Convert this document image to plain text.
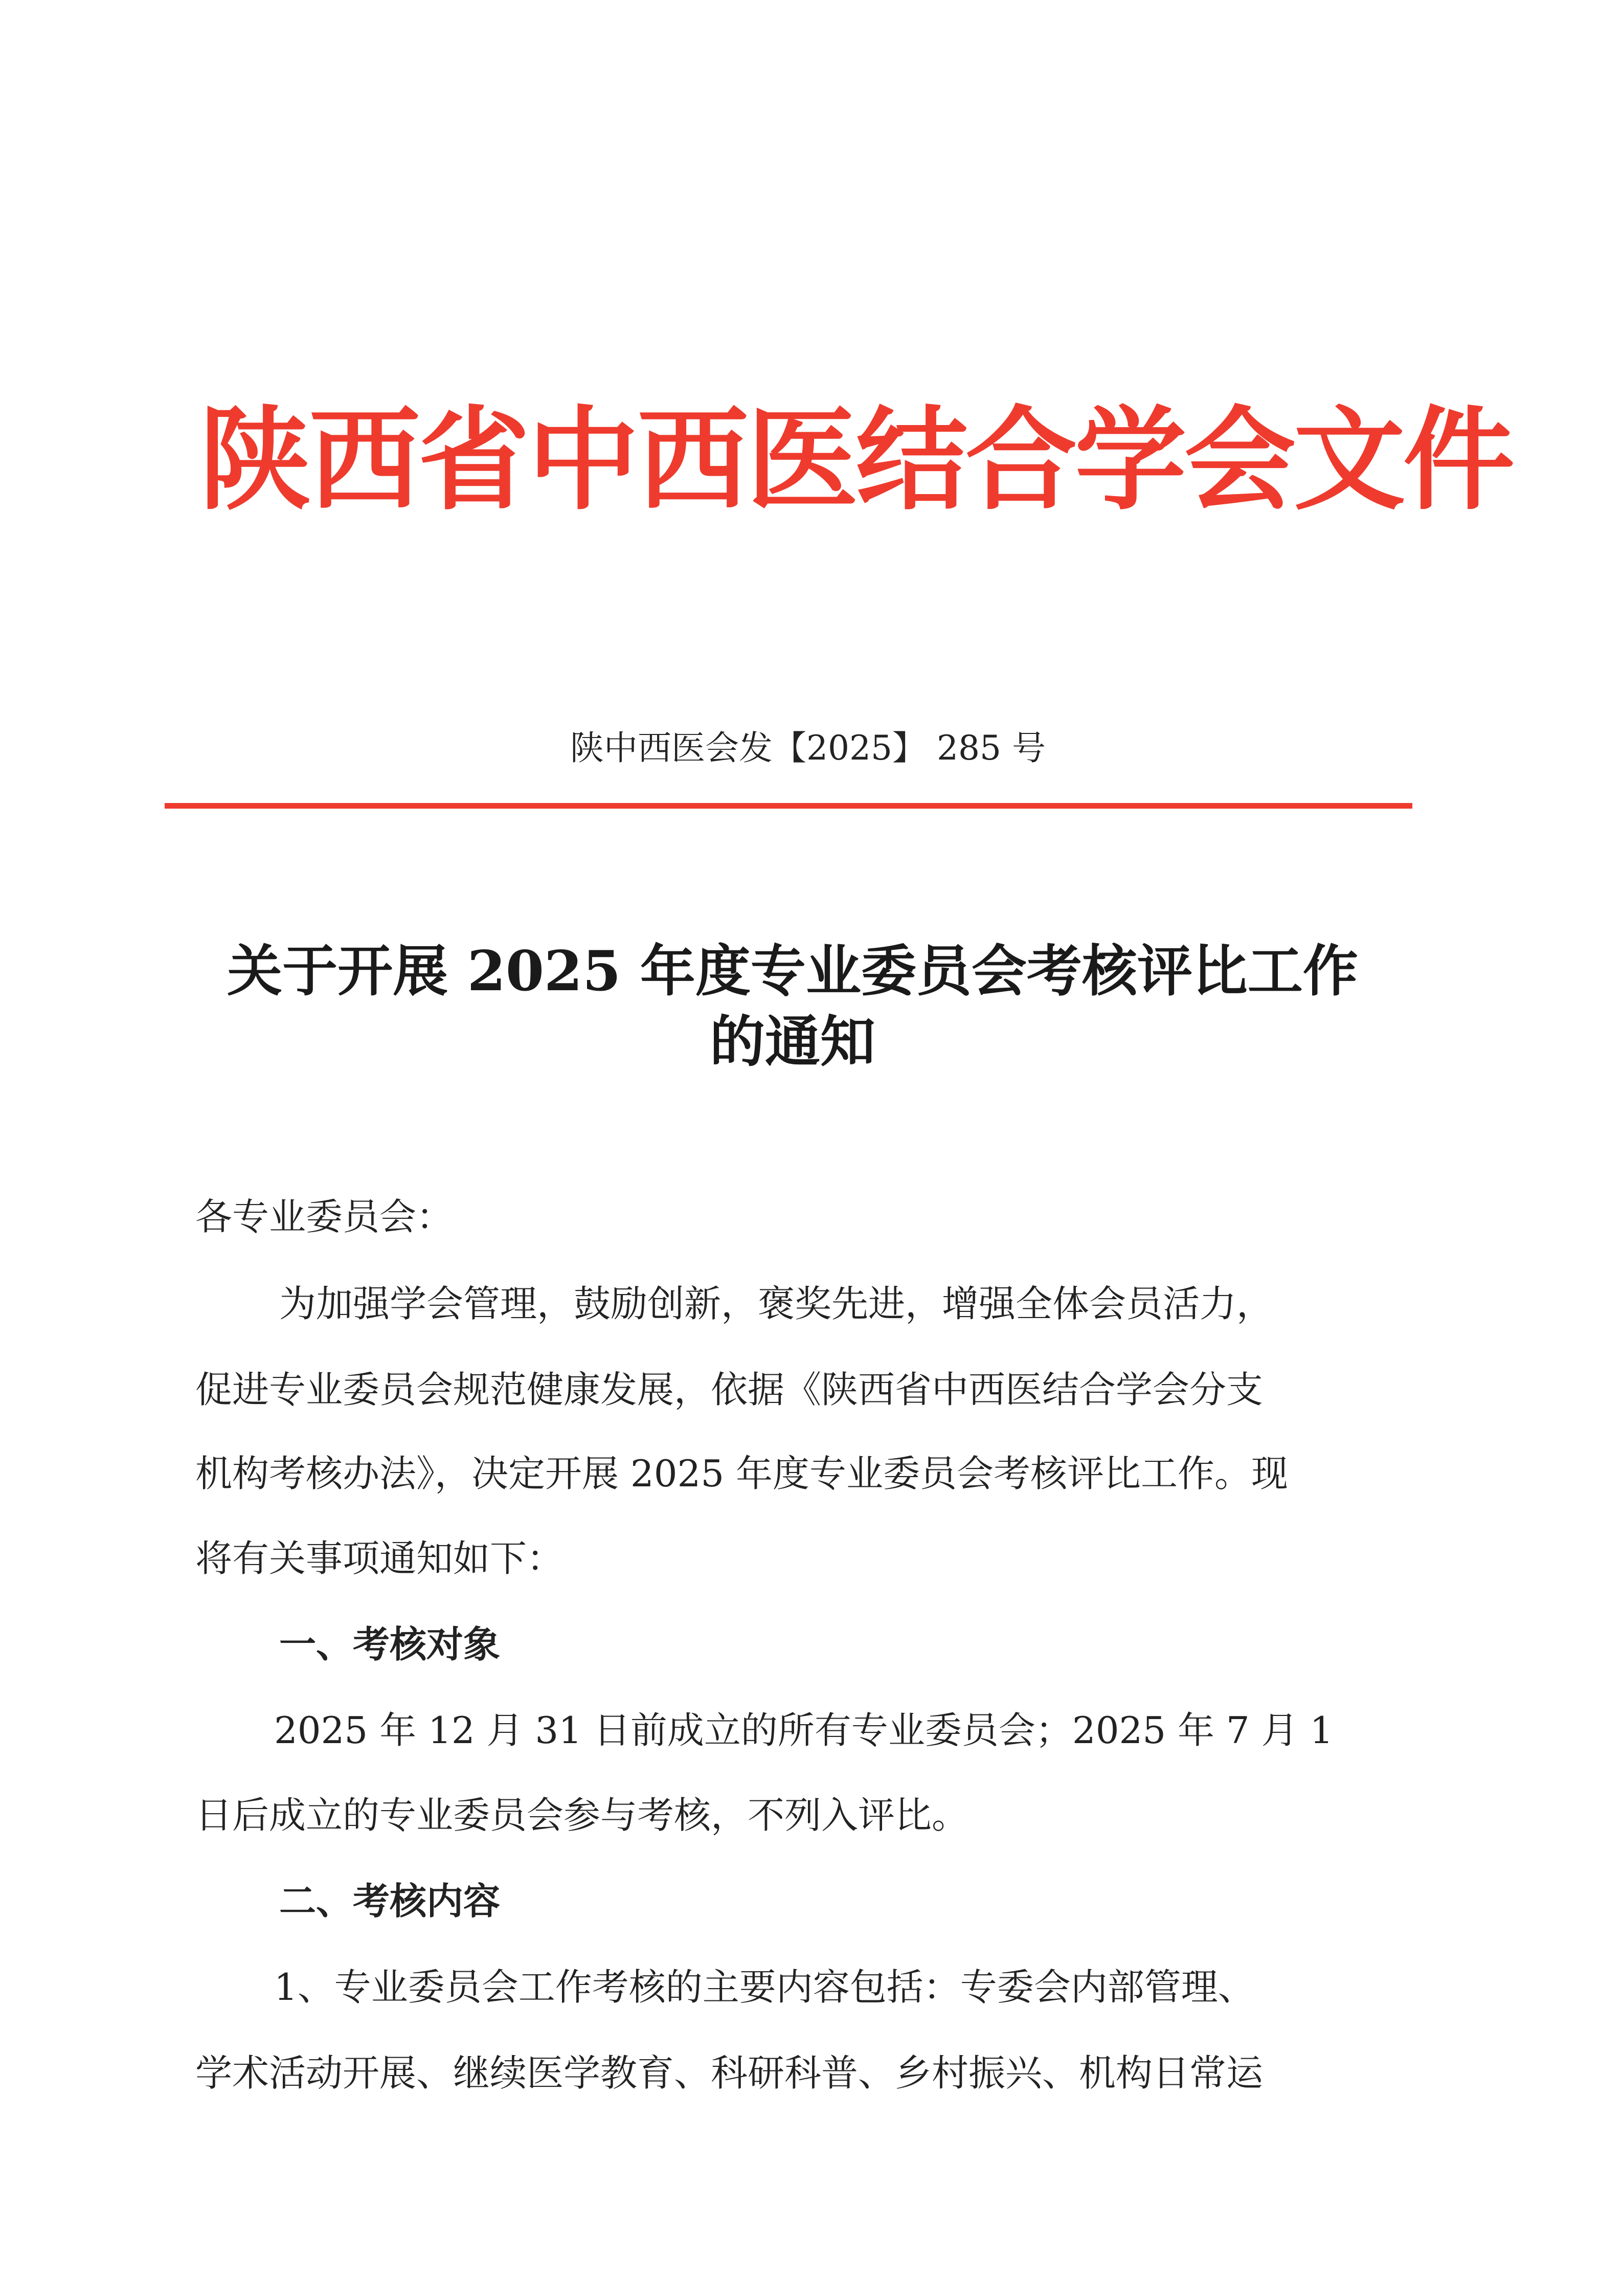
陕西省中西医结合学会文件
陕中西医会发【2025】 285 号
关于开展 2025 年度专业委员会考核评比工作
的通知
各专业委员会：
为加强学会管理，鼓励创新，褒奖先进，增强全体会员活力，
促进专业委员会规范健康发展，依据《陕西省中西医结合学会分支
机构考核办法》，决定开展 2025 年度专业委员会考核评比工作。现
将有关事项通知如下：
一、考核对象
2025 年 12 月 31 日前成立的所有专业委员会；2025 年 7 月 1
日后成立的专业委员会参与考核，不列入评比。
二、考核内容
1、专业委员会工作考核的主要内容包括：专委会内部管理、
学术活动开展、继续医学教育、科研科普、乡村振兴、机构日常运
